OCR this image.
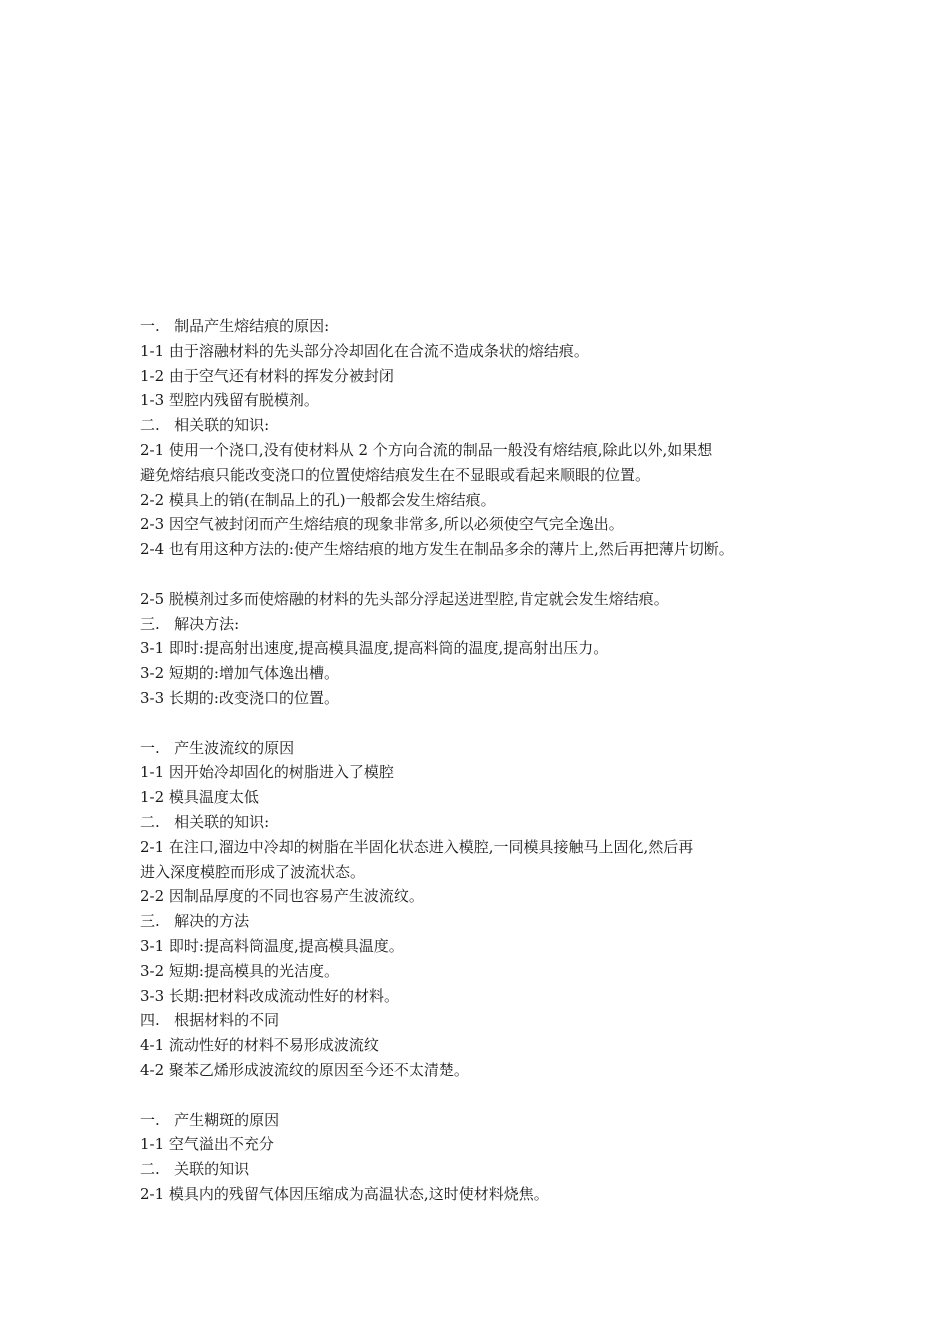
一.   制品产生熔结痕的原因:
1-1 由于溶融材料的先头部分冷却固化在合流不造成条状的熔结痕。
1-2 由于空气还有材料的挥发分被封闭
1-3 型腔内残留有脱模剂。
二.   相关联的知识:
2-1 使用一个浇口,没有使材料从 2 个方向合流的制品一般没有熔结痕,除此以外,如果想
避免熔结痕只能改变浇口的位置使熔结痕发生在不显眼或看起来顺眼的位置。
2-2 模具上的销(在制品上的孔)一般都会发生熔结痕。
2-3 因空气被封闭而产生熔结痕的现象非常多,所以必须使空气完全逸出。
2-4 也有用这种方法的:使产生熔结痕的地方发生在制品多余的薄片上,然后再把薄片切断。
2-5 脱模剂过多而使熔融的材料的先头部分浮起送进型腔,肯定就会发生熔结痕。
三.   解决方法:
3-1 即时:提高射出速度,提高模具温度,提高料筒的温度,提高射出压力。
3-2 短期的:增加气体逸出槽。
3-3 长期的:改变浇口的位置。
一.   产生波流纹的原因
1-1 因开始冷却固化的树脂进入了模腔
1-2 模具温度太低
二.   相关联的知识:
2-1 在注口,溜边中冷却的树脂在半固化状态进入模腔,一同模具接触马上固化,然后再
进入深度模腔而形成了波流状态。
2-2 因制品厚度的不同也容易产生波流纹。
三.   解决的方法
3-1 即时:提高料筒温度,提高模具温度。
3-2 短期:提高模具的光洁度。
3-3 长期:把材料改成流动性好的材料。
四.   根据材料的不同
4-1 流动性好的材料不易形成波流纹
4-2 聚苯乙烯形成波流纹的原因至今还不太清楚。
一.   产生糊斑的原因
1-1 空气溢出不充分
二.   关联的知识
2-1 模具内的残留气体因压缩成为高温状态,这时使材料烧焦。
